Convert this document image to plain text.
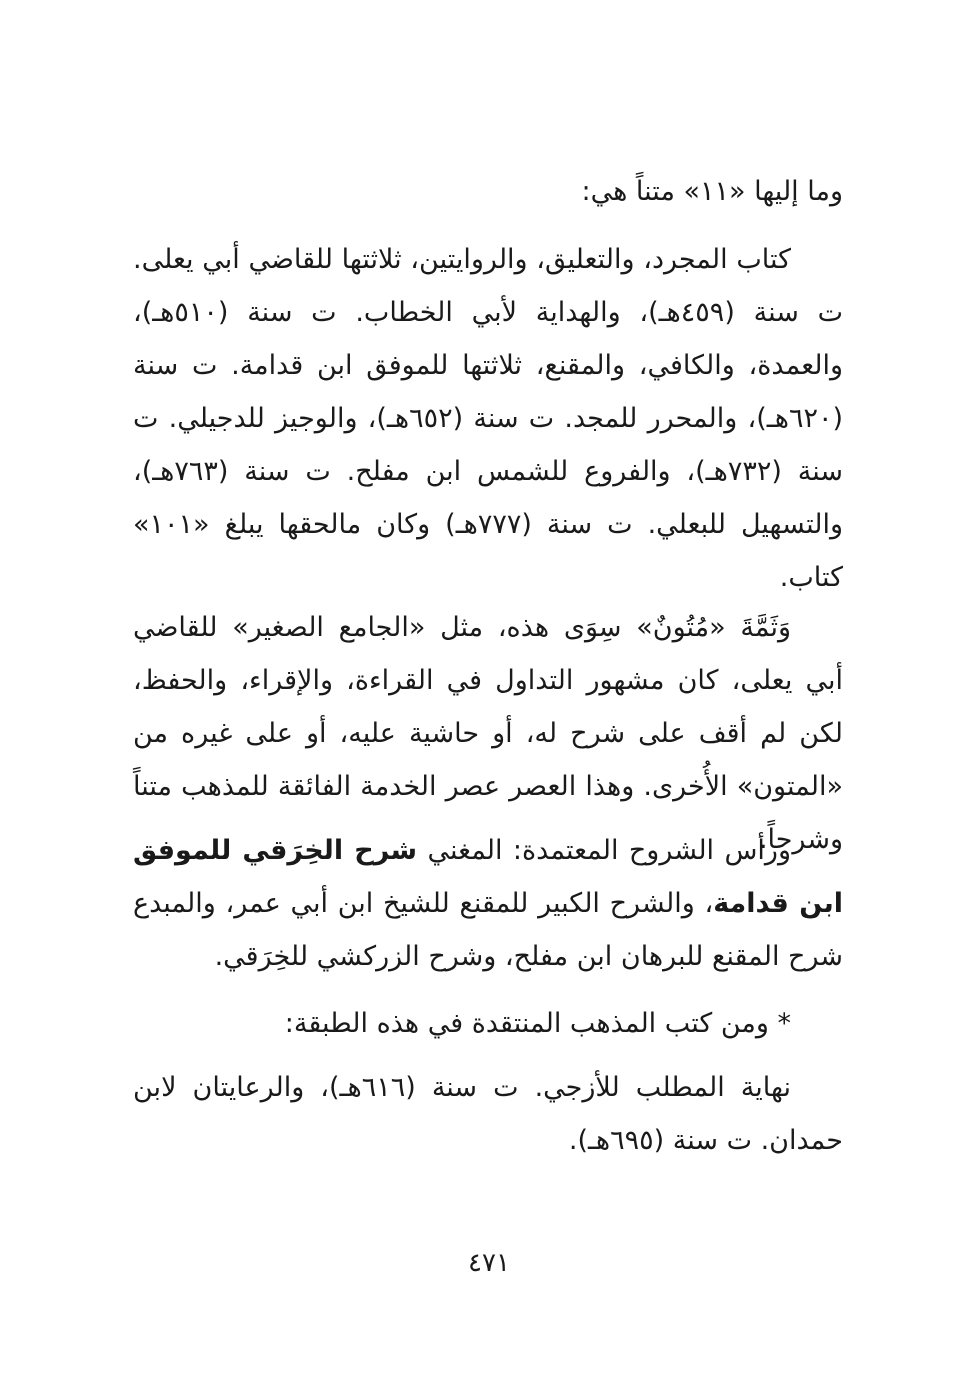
وما إليها «١١» متناً هي:

كتاب المجرد، والتعليق، والروايتين، ثلاثتها للقاضي أبي يعلى. ت سنة (٤٥٩هـ)، والهداية لأبي الخطاب. ت سنة (٥١٠هـ)، والعمدة، والكافي، والمقنع، ثلاثتها للموفق ابن قدامة. ت سنة (٦٢٠هـ)، والمحرر للمجد. ت سنة (٦٥٢هـ)، والوجيز للدجيلي. ت سنة (٧٣٢هـ)، والفروع للشمس ابن مفلح. ت سنة (٧٦٣هـ)، والتسهيل للبعلي. ت سنة (٧٧٧هـ) وكان مالحقها يبلغ «١٠١» كتاب.

وَثَمَّةَ «مُتُونٌ» سِوَى هذه، مثل «الجامع الصغير» للقاضي أبي يعلى، كان مشهور التداول في القراءة، والإقراء، والحفظ، لكن لم أقف على شرح له، أو حاشية عليه، أو على غيره من «المتون» الأُخرى. وهذا العصر عصر الخدمة الفائقة للمذهب متناً وشرحاً.

ورأس الشروح المعتمدة: المغني شرح الخِرَقي للموفق ابن قدامة، والشرح الكبير للمقنع للشيخ ابن أبي عمر، والمبدع شرح المقنع للبرهان ابن مفلح، وشرح الزركشي للخِرَقي.

* ومن كتب المذهب المنتقدة في هذه الطبقة:

نهاية المطلب للأزجي. ت سنة (٦١٦هـ)، والرعايتان لابن حمدان. ت سنة (٦٩٥هـ).

٤٧١
